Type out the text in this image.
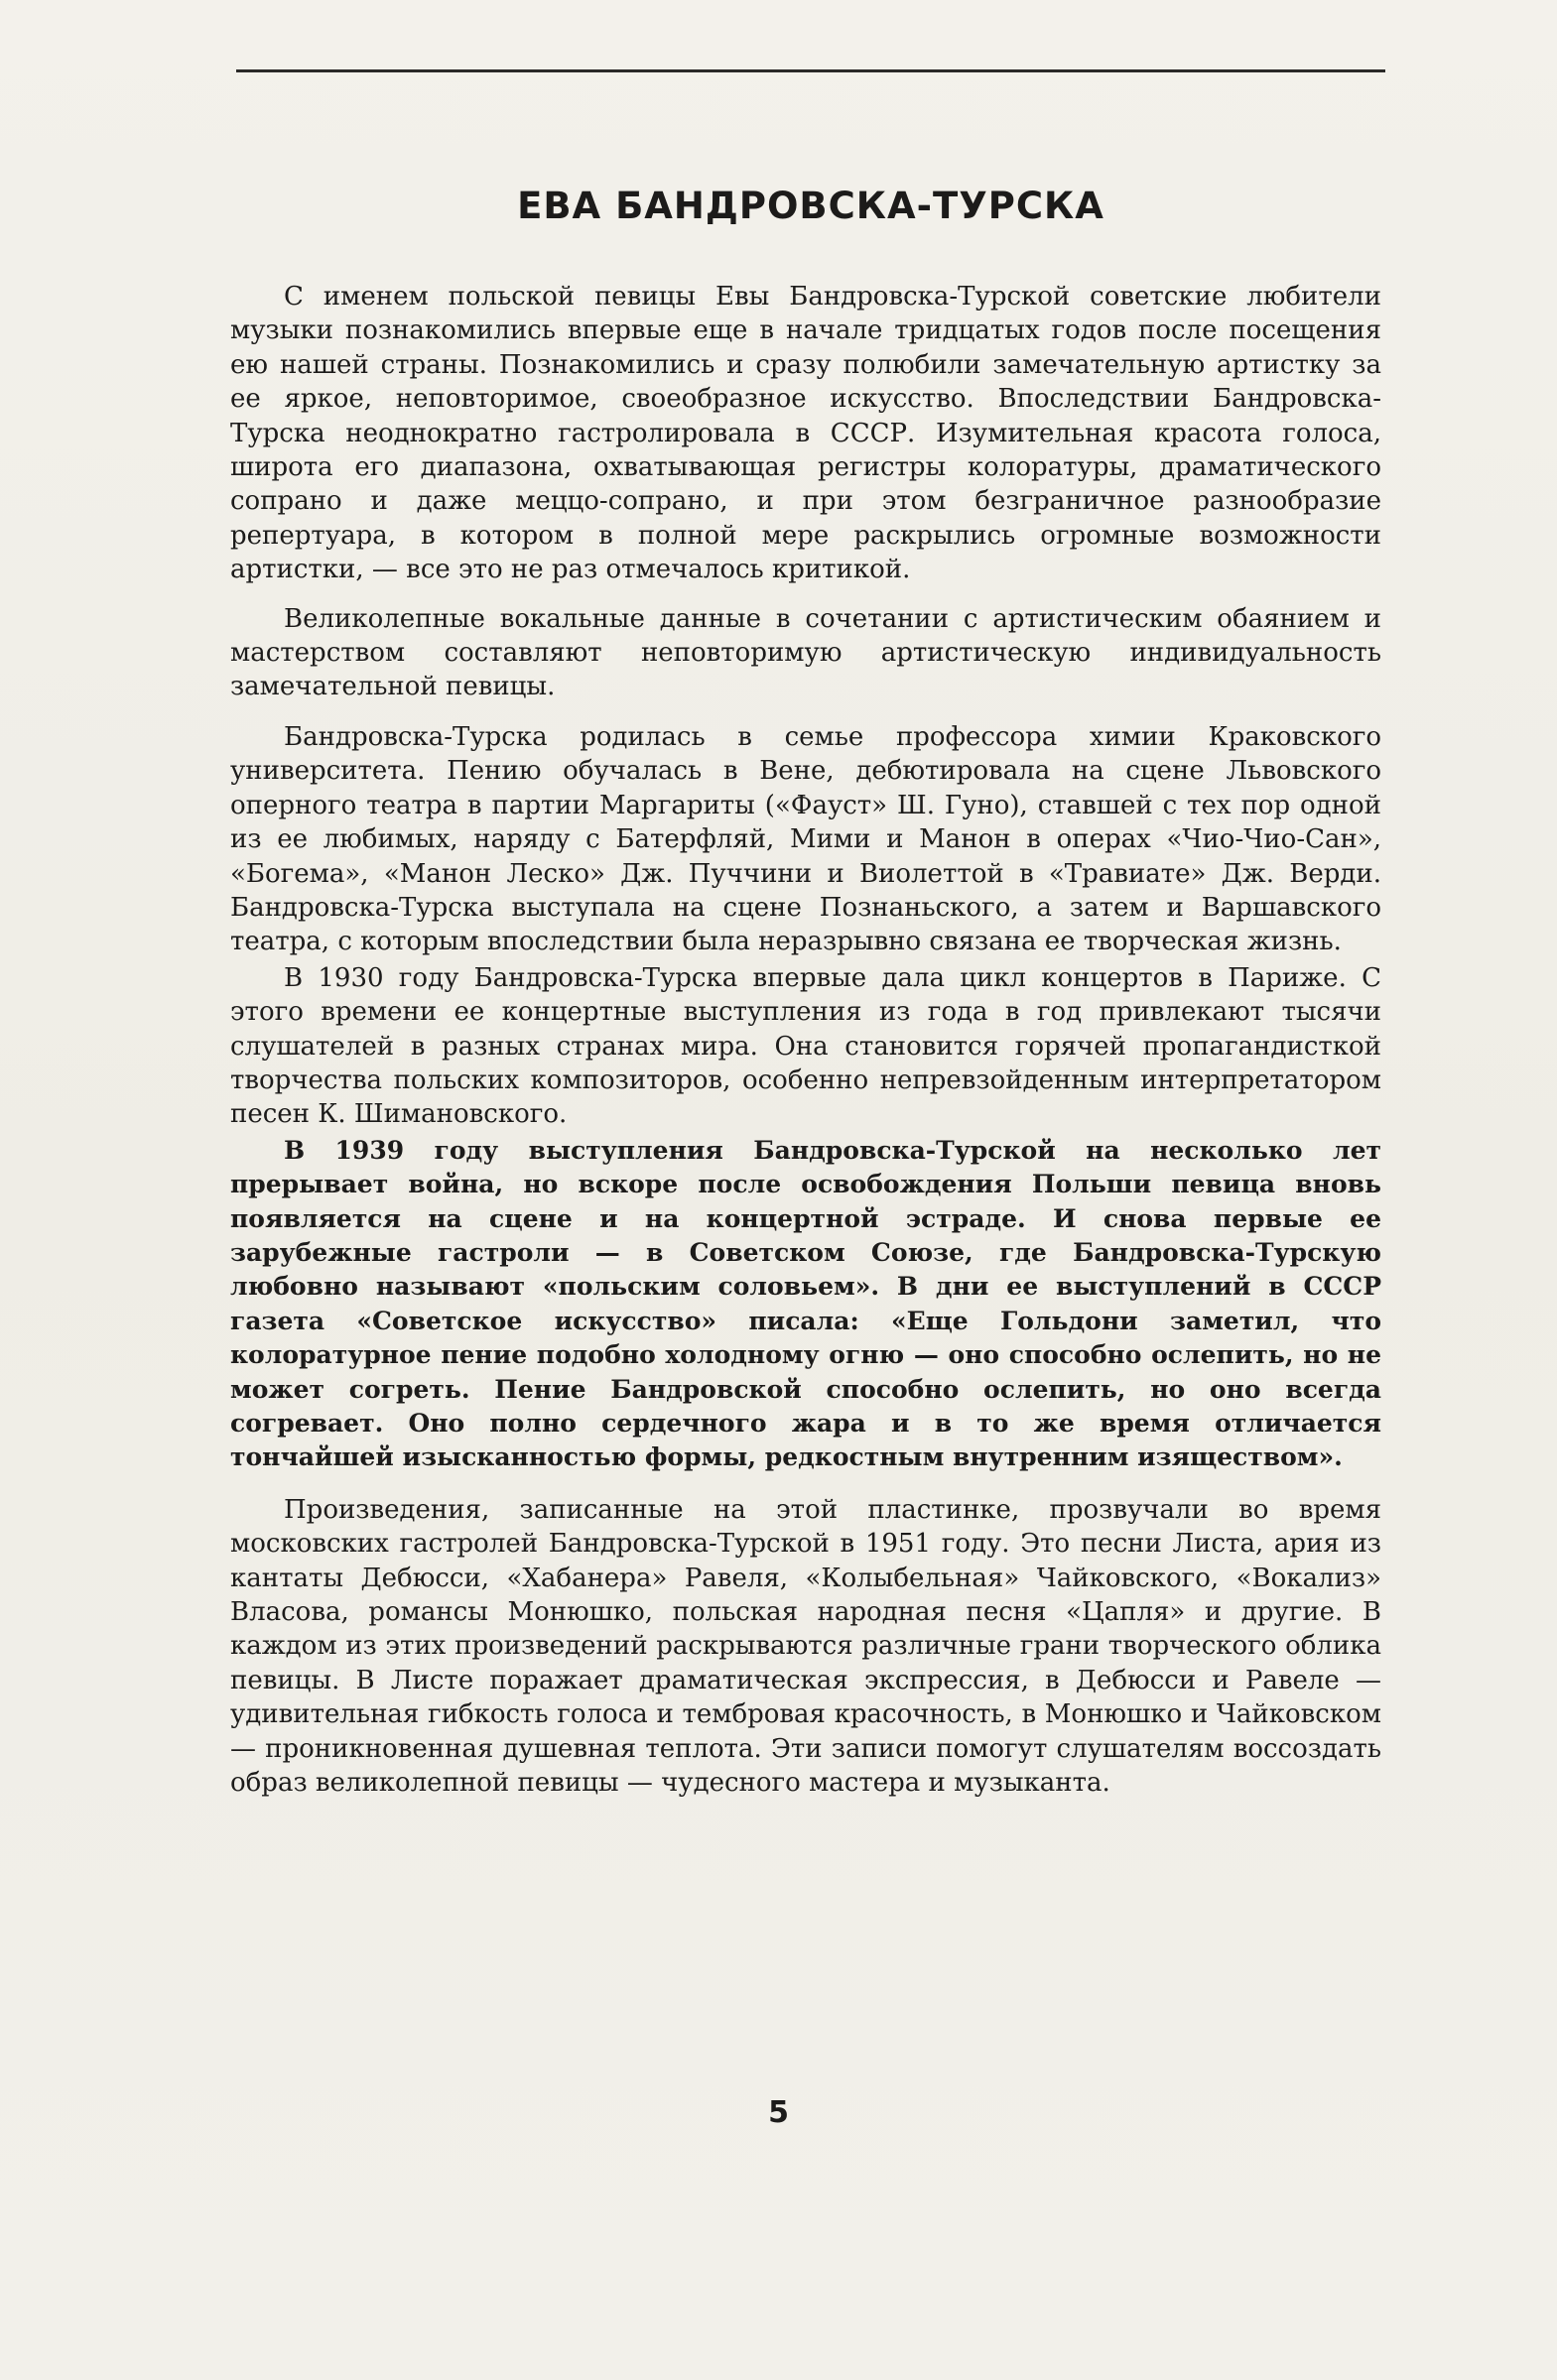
ЕВА БАНДРОВСКА-ТУРСКА

С именем польской певицы Евы Бандровска-Турской советские любители музыки познакомились впервые еще в начале тридцатых годов после посещения ею нашей страны. Познакомились и сразу полюбили замечательную артистку за ее яркое, неповторимое, своеобразное искусство. Впоследствии Бандровска-Турска неоднократно гастролировала в СССР. Изумительная красота голоса, широта его диапазона, охватывающая регистры колоратуры, драматического сопрано и даже меццо-сопрано, и при этом безграничное разнообразие репертуара, в котором в полной мере раскрылись огромные возможности артистки, — все это не раз отмечалось критикой.

Великолепные вокальные данные в сочетании с артистическим обаянием и мастерством составляют неповторимую артистическую индивидуальность замечательной певицы.

Бандровска-Турска родилась в семье профессора химии Краковского университета. Пению обучалась в Вене, дебютировала на сцене Львовского оперного театра в партии Маргариты («Фауст» Ш. Гуно), ставшей с тех пор одной из ее любимых, наряду с Батерфляй, Мими и Манон в операх «Чио-Чио-Сан», «Богема», «Манон Леско» Дж. Пуччини и Виолеттой в «Травиате» Дж. Верди. Бандровска-Турска выступала на сцене Познаньского, а затем и Варшавского театра, с которым впоследствии была неразрывно связана ее творческая жизнь.

В 1930 году Бандровска-Турска впервые дала цикл концертов в Париже. С этого времени ее концертные выступления из года в год привлекают тысячи слушателей в разных странах мира. Она становится горячей пропагандисткой творчества польских композиторов, особенно непревзойденным интерпретатором песен К. Шимановского.

В 1939 году выступления Бандровска-Турской на несколько лет прерывает война, но вскоре после освобождения Польши певица вновь появляется на сцене и на концертной эстраде. И снова первые ее зарубежные гастроли — в Советском Союзе, где Бандровска-Турскую любовно называют «польским соловьем». В дни ее выступлений в СССР газета «Советское искусство» писала: «Еще Гольдони заметил, что колоратурное пение подобно холодному огню — оно способно ослепить, но не может согреть. Пение Бандровской способно ослепить, но оно всегда согревает. Оно полно сердечного жара и в то же время отличается тончайшей изысканностью формы, редкостным внутренним изяществом».

Произведения, записанные на этой пластинке, прозвучали во время московских гастролей Бандровска-Турской в 1951 году. Это песни Листа, ария из кантаты Дебюсси, «Хабанера» Равеля, «Колыбельная» Чайковского, «Вокализ» Власова, романсы Монюшко, польская народная песня «Цапля» и другие. В каждом из этих произведений раскрываются различные грани творческого облика певицы. В Листе поражает драматическая экспрессия, в Дебюсси и Равеле — удивительная гибкость голоса и тембровая красочность, в Монюшко и Чайковском — проникновенная душевная теплота. Эти записи помогут слушателям воссоздать образ великолепной певицы — чудесного мастера и музыканта.

5
